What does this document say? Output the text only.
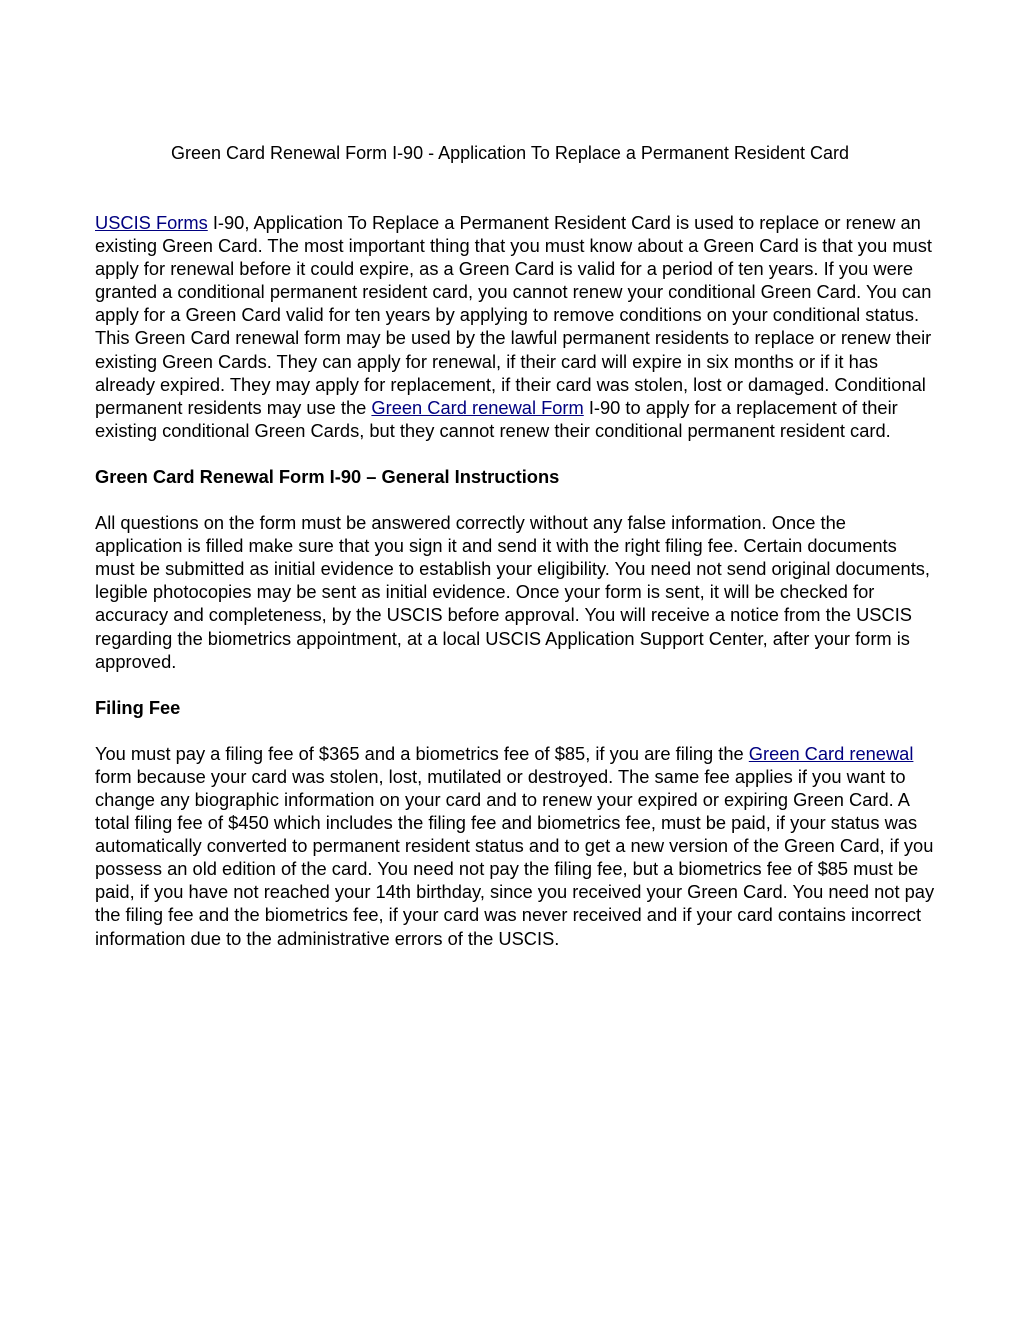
Green Card Renewal Form I-90 - Application To Replace a Permanent Resident Card

USCIS Forms I-90, Application To Replace a Permanent Resident Card is used to replace or renew an existing Green Card. The most important thing that you must know about a Green Card is that you must apply for renewal before it could expire, as a Green Card is valid for a period of ten years. If you were granted a conditional permanent resident card, you cannot renew your conditional Green Card. You can apply for a Green Card valid for ten years by applying to remove conditions on your conditional status. This Green Card renewal form may be used by the lawful permanent residents to replace or renew their existing Green Cards. They can apply for renewal, if their card will expire in six months or if it has already expired. They may apply for replacement, if their card was stolen, lost or damaged. Conditional permanent residents may use the Green Card renewal Form I-90 to apply for a replacement of their existing conditional Green Cards, but they cannot renew their conditional permanent resident card.

Green Card Renewal Form I-90 – General Instructions

All questions on the form must be answered correctly without any false information. Once the application is filled make sure that you sign it and send it with the right filing fee. Certain documents must be submitted as initial evidence to establish your eligibility. You need not send original documents, legible photocopies may be sent as initial evidence. Once your form is sent, it will be checked for accuracy and completeness, by the USCIS before approval. You will receive a notice from the USCIS regarding the biometrics appointment, at a local USCIS Application Support Center, after your form is approved.

Filing Fee

You must pay a filing fee of $365 and a biometrics fee of $85, if you are filing the Green Card renewal form because your card was stolen, lost, mutilated or destroyed. The same fee applies if you want to change any biographic information on your card and to renew your expired or expiring Green Card. A total filing fee of $450 which includes the filing fee and biometrics fee, must be paid, if your status was automatically converted to permanent resident status and to get a new version of the Green Card, if you possess an old edition of the card. You need not pay the filing fee, but a biometrics fee of $85 must be paid, if you have not reached your 14th birthday, since you received your Green Card. You need not pay the filing fee and the biometrics fee, if your card was never received and if your card contains incorrect information due to the administrative errors of the USCIS.
